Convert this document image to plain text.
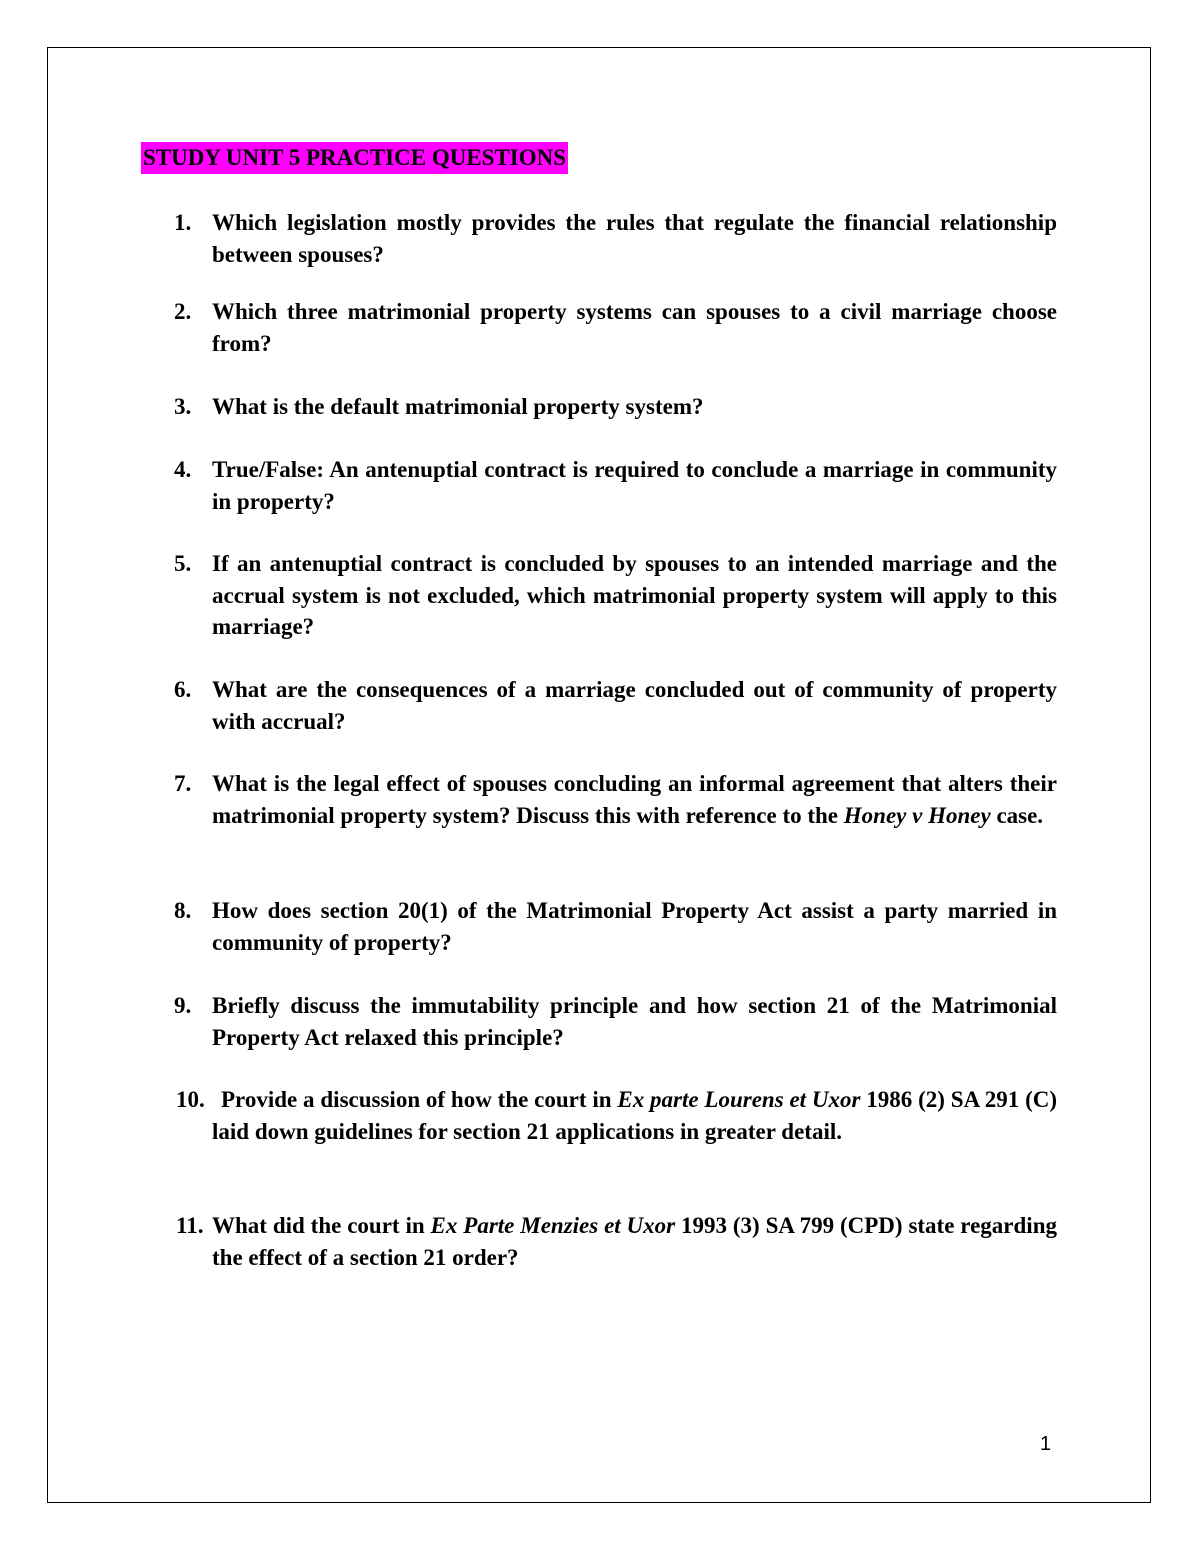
STUDY UNIT 5 PRACTICE QUESTIONS
1. Which legislation mostly provides the rules that regulate the financial relationship between spouses?
2. Which three matrimonial property systems can spouses to a civil marriage choose from?
3. What is the default matrimonial property system?
4. True/False: An antenuptial contract is required to conclude a marriage in community in property?
5. If an antenuptial contract is concluded by spouses to an intended marriage and the accrual system is not excluded, which matrimonial property system will apply to this marriage?
6. What are the consequences of a marriage concluded out of community of property with accrual?
7. What is the legal effect of spouses concluding an informal agreement that alters their matrimonial property system? Discuss this with reference to the Honey v Honey case.
8. How does section 20(1) of the Matrimonial Property Act assist a party married in community of property?
9. Briefly discuss the immutability principle and how section 21 of the Matrimonial Property Act relaxed this principle?
10. Provide a discussion of how the court in Ex parte Lourens et Uxor 1986 (2) SA 291 (C) laid down guidelines for section 21 applications in greater detail.
11. What did the court in Ex Parte Menzies et Uxor 1993 (3) SA 799 (CPD) state regarding the effect of a section 21 order?
1
